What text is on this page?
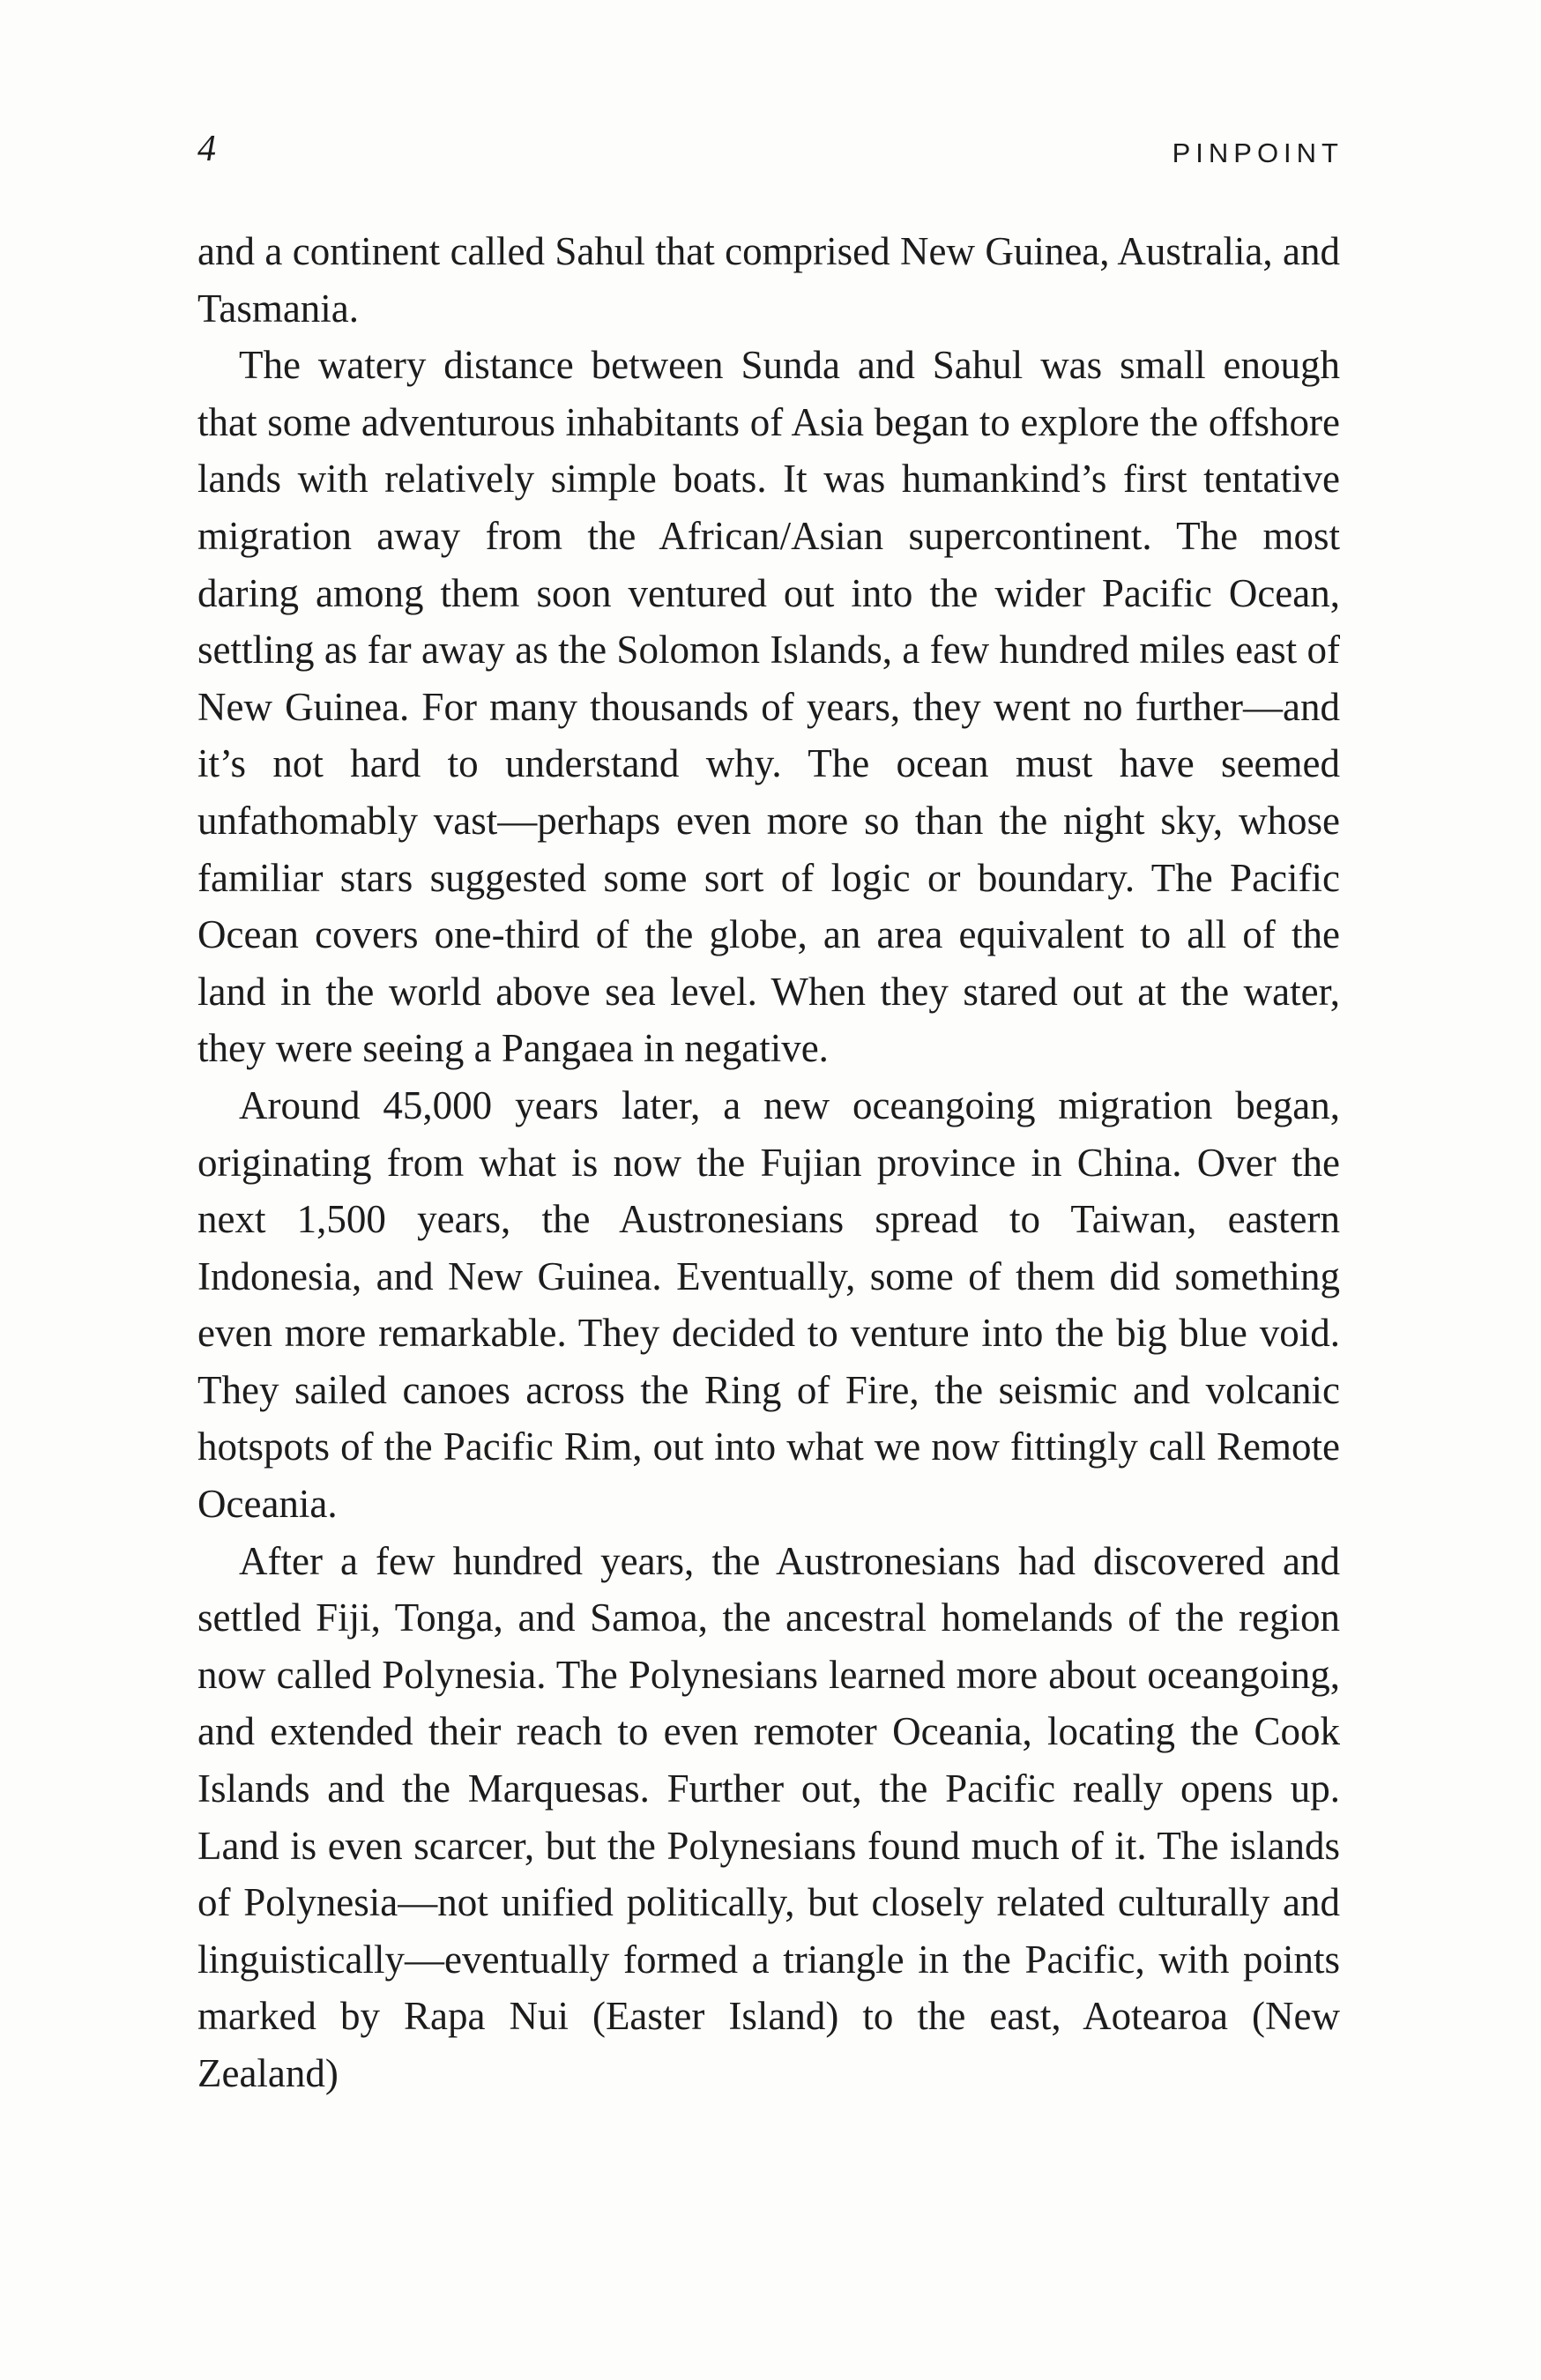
4	PINPOINT

and a continent called Sahul that comprised New Guinea, Australia, and Tasmania.

The watery distance between Sunda and Sahul was small enough that some adventurous inhabitants of Asia began to explore the offshore lands with relatively simple boats. It was humankind’s first tentative migration away from the African/​Asian supercontinent. The most daring among them soon ventured out into the wider Pacific Ocean, settling as far away as the Solomon Islands, a few hundred miles east of New Guinea. For many thousands of years, they went no further—and it’s not hard to understand why. The ocean must have seemed unfathomably vast—perhaps even more so than the night sky, whose familiar stars suggested some sort of logic or boundary. The Pacific Ocean covers one-third of the globe, an area equivalent to all of the land in the world above sea level. When they stared out at the water, they were seeing a Pangaea in negative.

Around 45,000 years later, a new oceangoing migration began, originating from what is now the Fujian province in China. Over the next 1,500 years, the Austronesians spread to Taiwan, eastern Indonesia, and New Guinea. Eventually, some of them did something even more remarkable. They decided to venture into the big blue void. They sailed canoes across the Ring of Fire, the seismic and volcanic hotspots of the Pacific Rim, out into what we now fittingly call Remote Oceania.

After a few hundred years, the Austronesians had discovered and settled Fiji, Tonga, and Samoa, the ancestral homelands of the region now called Polynesia. The Polynesians learned more about oceangoing, and extended their reach to even remoter Oceania, locating the Cook Islands and the Marquesas. Further out, the Pacific really opens up. Land is even scarcer, but the Polynesians found much of it. The islands of Polynesia—not unified politically, but closely related culturally and linguistically—​eventually formed a triangle in the Pacific, with points marked by Rapa Nui (Easter Island) to the east, Aotearoa (New Zealand)
